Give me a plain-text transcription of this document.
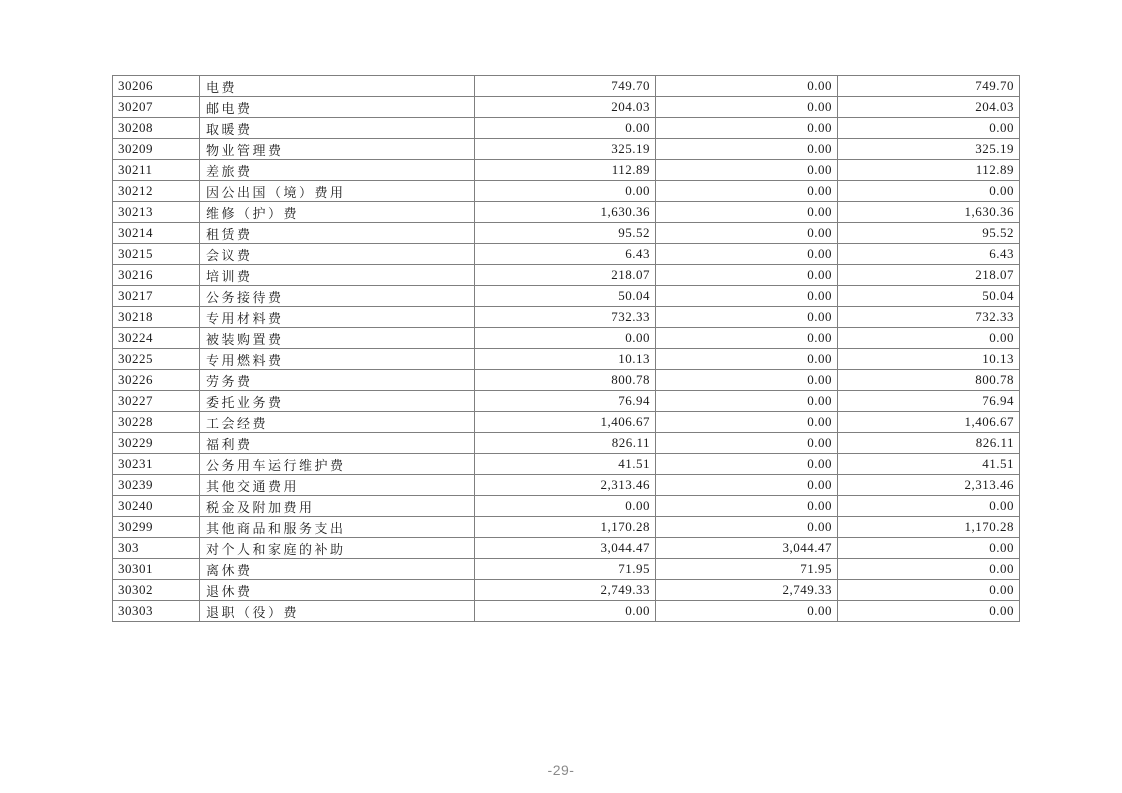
30206	电费	749.70	0.00	749.70
30207	邮电费	204.03	0.00	204.03
30208	取暖费	0.00	0.00	0.00
30209	物业管理费	325.19	0.00	325.19
30211	差旅费	112.89	0.00	112.89
30212	因公出国（境）费用	0.00	0.00	0.00
30213	维修（护）费	1,630.36	0.00	1,630.36
30214	租赁费	95.52	0.00	95.52
30215	会议费	6.43	0.00	6.43
30216	培训费	218.07	0.00	218.07
30217	公务接待费	50.04	0.00	50.04
30218	专用材料费	732.33	0.00	732.33
30224	被装购置费	0.00	0.00	0.00
30225	专用燃料费	10.13	0.00	10.13
30226	劳务费	800.78	0.00	800.78
30227	委托业务费	76.94	0.00	76.94
30228	工会经费	1,406.67	0.00	1,406.67
30229	福利费	826.11	0.00	826.11
30231	公务用车运行维护费	41.51	0.00	41.51
30239	其他交通费用	2,313.46	0.00	2,313.46
30240	税金及附加费用	0.00	0.00	0.00
30299	其他商品和服务支出	1,170.28	0.00	1,170.28
303	对个人和家庭的补助	3,044.47	3,044.47	0.00
30301	离休费	71.95	71.95	0.00
30302	退休费	2,749.33	2,749.33	0.00
30303	退职（役）费	0.00	0.00	0.00
-29-
